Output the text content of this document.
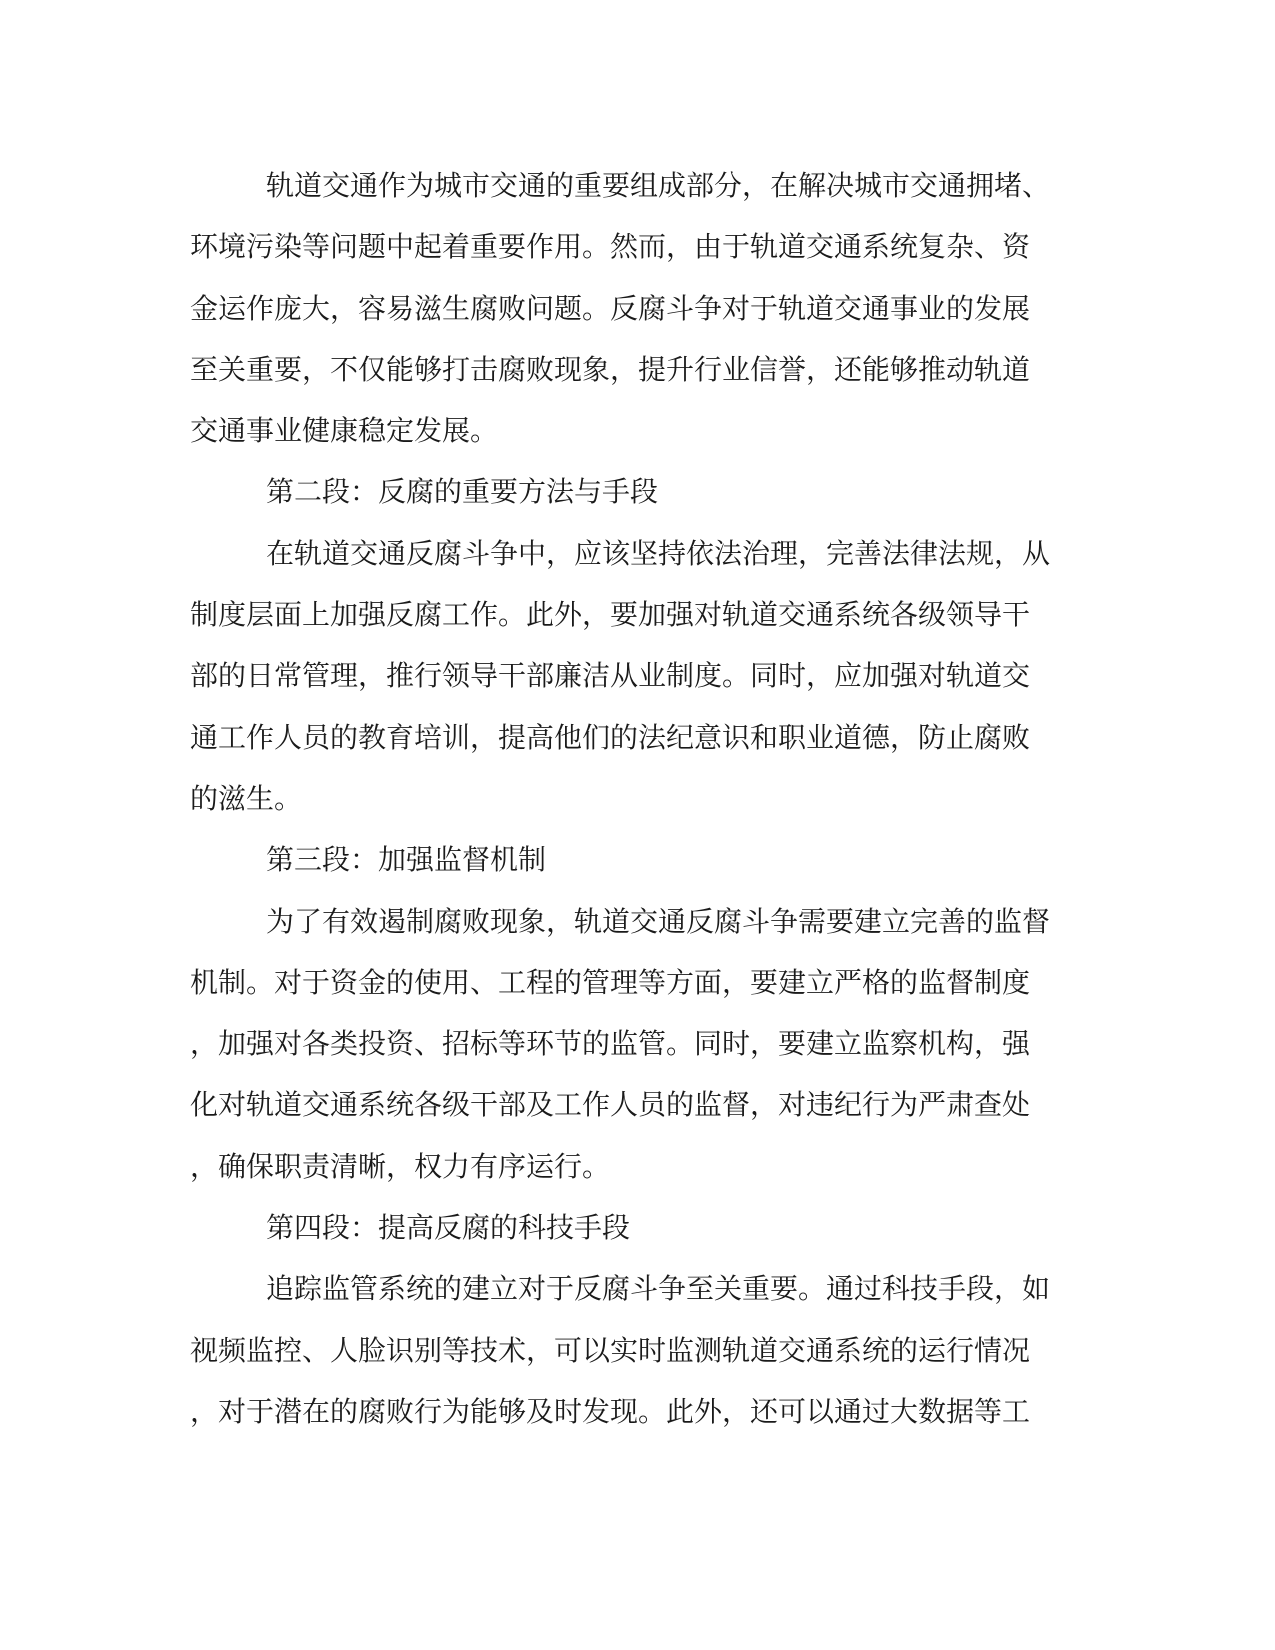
轨道交通作为城市交通的重要组成部分，在解决城市交通拥堵、
环境污染等问题中起着重要作用。然而，由于轨道交通系统复杂、资
金运作庞大，容易滋生腐败问题。反腐斗争对于轨道交通事业的发展
至关重要，不仅能够打击腐败现象，提升行业信誉，还能够推动轨道
交通事业健康稳定发展。
第二段：反腐的重要方法与手段
在轨道交通反腐斗争中，应该坚持依法治理，完善法律法规，从
制度层面上加强反腐工作。此外，要加强对轨道交通系统各级领导干
部的日常管理，推行领导干部廉洁从业制度。同时，应加强对轨道交
通工作人员的教育培训，提高他们的法纪意识和职业道德，防止腐败
的滋生。
第三段：加强监督机制
为了有效遏制腐败现象，轨道交通反腐斗争需要建立完善的监督
机制。对于资金的使用、工程的管理等方面，要建立严格的监督制度
，加强对各类投资、招标等环节的监管。同时，要建立监察机构，强
化对轨道交通系统各级干部及工作人员的监督，对违纪行为严肃查处
，确保职责清晰，权力有序运行。
第四段：提高反腐的科技手段
追踪监管系统的建立对于反腐斗争至关重要。通过科技手段，如
视频监控、人脸识别等技术，可以实时监测轨道交通系统的运行情况
，对于潜在的腐败行为能够及时发现。此外，还可以通过大数据等工
